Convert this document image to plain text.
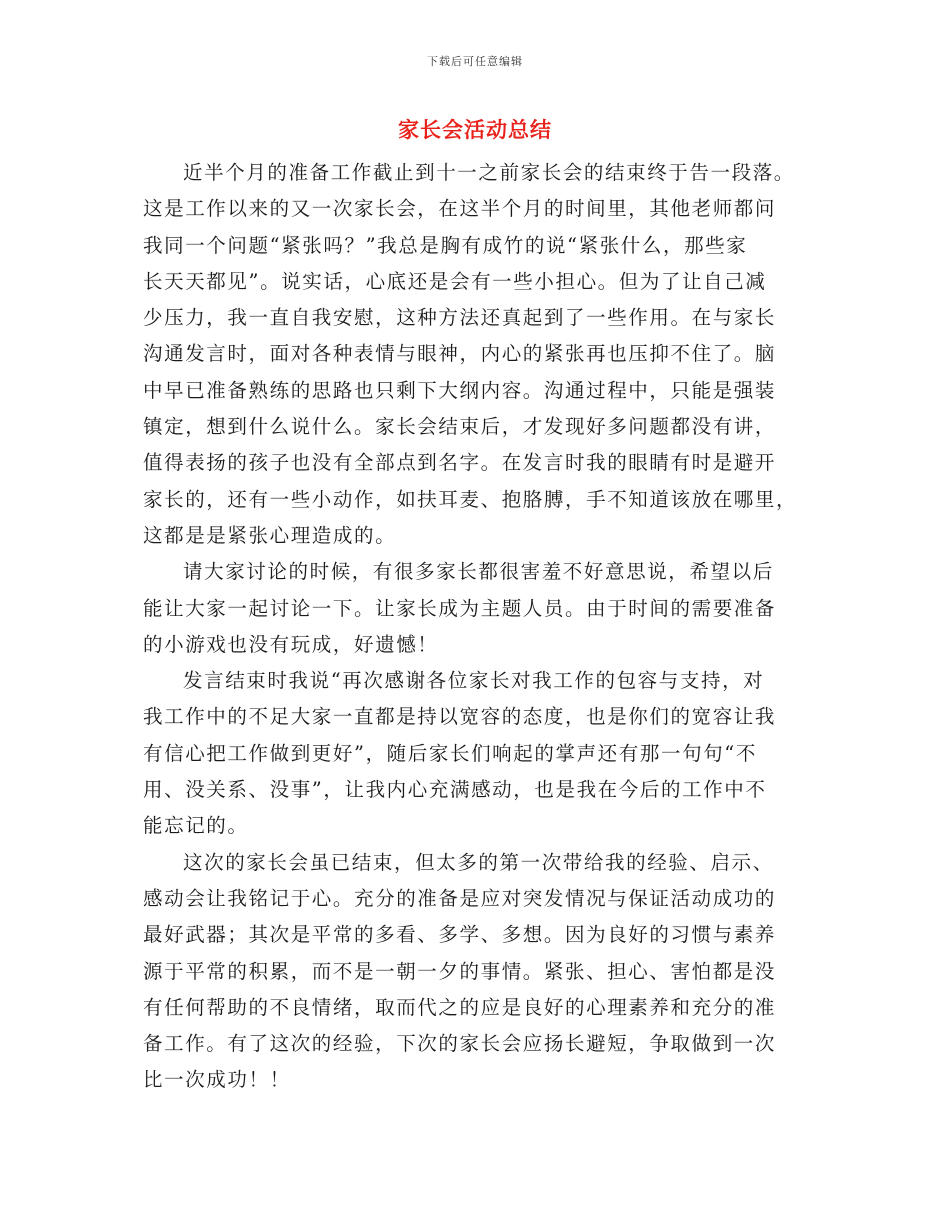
下载后可任意编辑
家长会活动总结

近半个月的准备工作截止到十一之前家长会的结束终于告一段落。
这是工作以来的又一次家长会，在这半个月的时间里，其他老师都问
我同一个问题“紧张吗？”我总是胸有成竹的说“紧张什么，那些家
长天天都见”。说实话，心底还是会有一些小担心。但为了让自己减
少压力，我一直自我安慰，这种方法还真起到了一些作用。在与家长
沟通发言时，面对各种表情与眼神，内心的紧张再也压抑不住了。脑
中早已准备熟练的思路也只剩下大纲内容。沟通过程中，只能是强装
镇定，想到什么说什么。家长会结束后，才发现好多问题都没有讲，
值得表扬的孩子也没有全部点到名字。在发言时我的眼睛有时是避开
家长的，还有一些小动作，如扶耳麦、抱胳膊，手不知道该放在哪里，
这都是是紧张心理造成的。

请大家讨论的时候，有很多家长都很害羞不好意思说，希望以后
能让大家一起讨论一下。让家长成为主题人员。由于时间的需要准备
的小游戏也没有玩成，好遗憾！

发言结束时我说“再次感谢各位家长对我工作的包容与支持，对
我工作中的不足大家一直都是持以宽容的态度，也是你们的宽容让我
有信心把工作做到更好”，随后家长们响起的掌声还有那一句句“不
用、没关系、没事”，让我内心充满感动，也是我在今后的工作中不
能忘记的。

这次的家长会虽已结束，但太多的第一次带给我的经验、启示、
感动会让我铭记于心。充分的准备是应对突发情况与保证活动成功的
最好武器；其次是平常的多看、多学、多想。因为良好的习惯与素养
源于平常的积累，而不是一朝一夕的事情。紧张、担心、害怕都是没
有任何帮助的不良情绪，取而代之的应是良好的心理素养和充分的准
备工作。有了这次的经验，下次的家长会应扬长避短，争取做到一次
比一次成功！！
